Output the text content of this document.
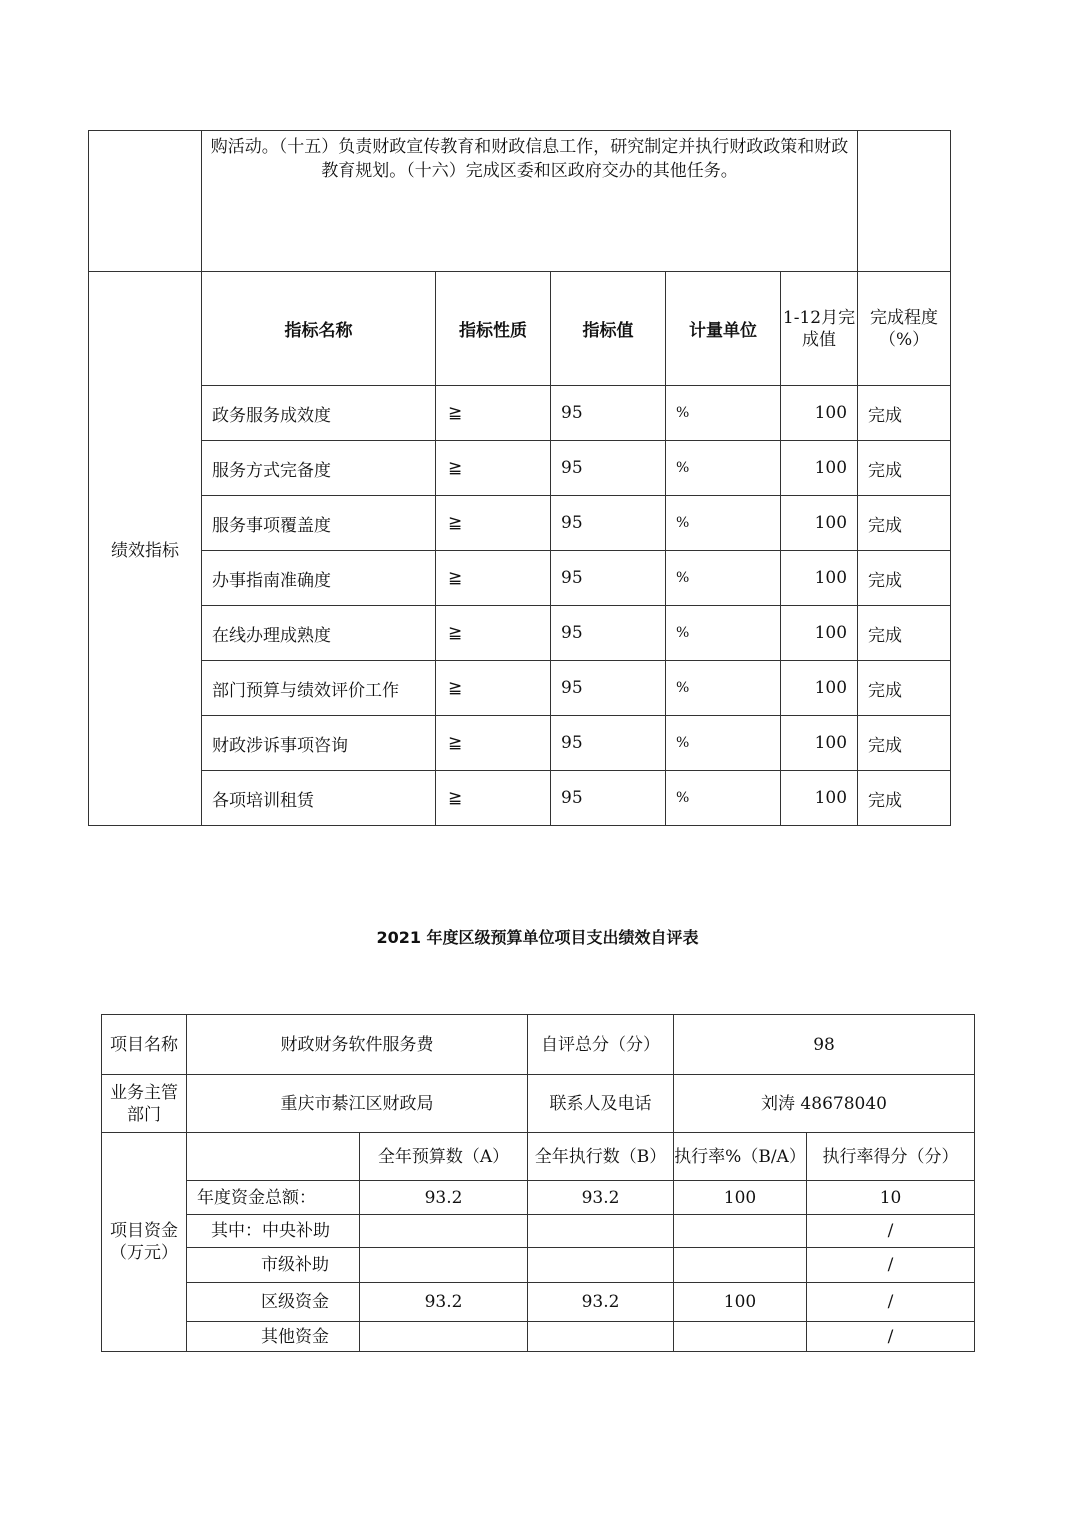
	购活动。（十五）负责财政宣传教育和财政信息工作，研究制定并执行财政政策和财政教育规划。（十六）完成区委和区政府交办的其他任务。					
绩效指标	指标名称	指标性质	指标值	计量单位	1-12月完成值	完成程度（%）
	政务服务成效度	≧	95	%	100	完成
	服务方式完备度	≧	95	%	100	完成
	服务事项覆盖度	≧	95	%	100	完成
	办事指南准确度	≧	95	%	100	完成
	在线办理成熟度	≧	95	%	100	完成
	部门预算与绩效评价工作	≧	95	%	100	完成
	财政涉诉事项咨询	≧	95	%	100	完成
	各项培训租赁	≧	95	%	100	完成
2021 年度区级预算单位项目支出绩效自评表
项目名称	财政财务软件服务费		自评总分（分）	98	
业务主管部门	重庆市綦江区财政局		联系人及电话	刘涛 48678040	
项目资金（万元）		全年预算数（A）	全年执行数（B）	执行率%（B/A）	执行率得分（分）
	年度资金总额：	93.2	93.2	100	10
	其中：中央补助				/
	市级补助				/
	区级资金	93.2	93.2	100	/
	其他资金				/
